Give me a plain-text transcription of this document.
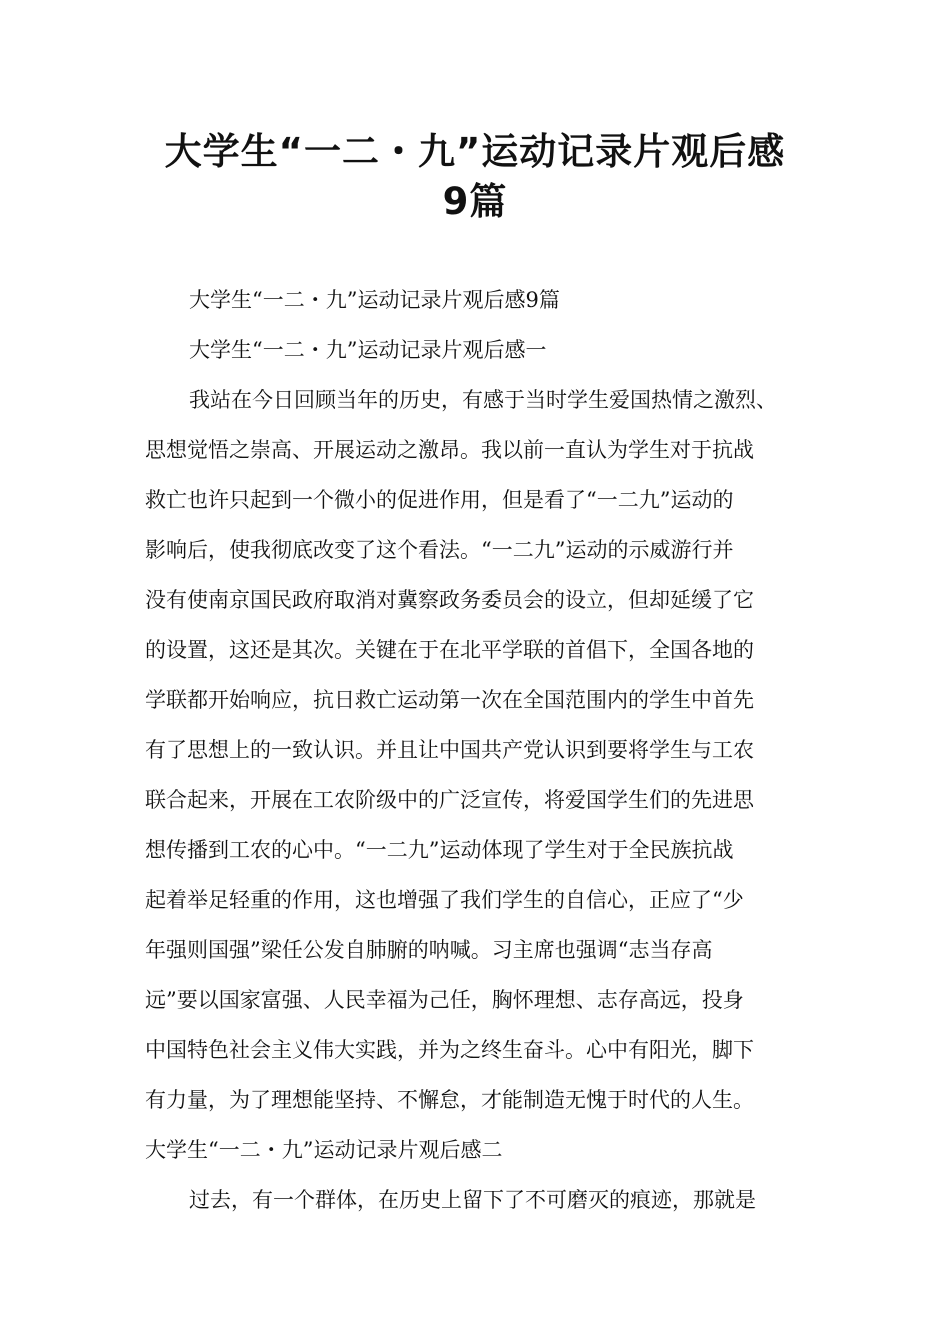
大学生“一二・九”运动记录片观后感
9篇
大学生“一二・九”运动记录片观后感9篇
大学生“一二・九”运动记录片观后感一
我站在今日回顾当年的历史，有感于当时学生爱国热情之激烈、
思想觉悟之崇高、开展运动之激昂。我以前一直认为学生对于抗战
救亡也许只起到一个微小的促进作用，但是看了“一二九”运动的
影响后，使我彻底改变了这个看法。“一二九”运动的示威游行并
没有使南京国民政府取消对冀察政务委员会的设立，但却延缓了它
的设置，这还是其次。关键在于在北平学联的首倡下，全国各地的
学联都开始响应，抗日救亡运动第一次在全国范围内的学生中首先
有了思想上的一致认识。并且让中国共产党认识到要将学生与工农
联合起来，开展在工农阶级中的广泛宣传，将爱国学生们的先进思
想传播到工农的心中。“一二九”运动体现了学生对于全民族抗战
起着举足轻重的作用，这也增强了我们学生的自信心，正应了“少
年强则国强”梁任公发自肺腑的呐喊。习主席也强调“志当存高
远”要以国家富强、人民幸福为己任，胸怀理想、志存高远，投身
中国特色社会主义伟大实践，并为之终生奋斗。心中有阳光，脚下
有力量，为了理想能坚持、不懈怠，才能制造无愧于时代的人生。
大学生“一二・九”运动记录片观后感二
过去，有一个群体，在历史上留下了不可磨灭的痕迹，那就是
